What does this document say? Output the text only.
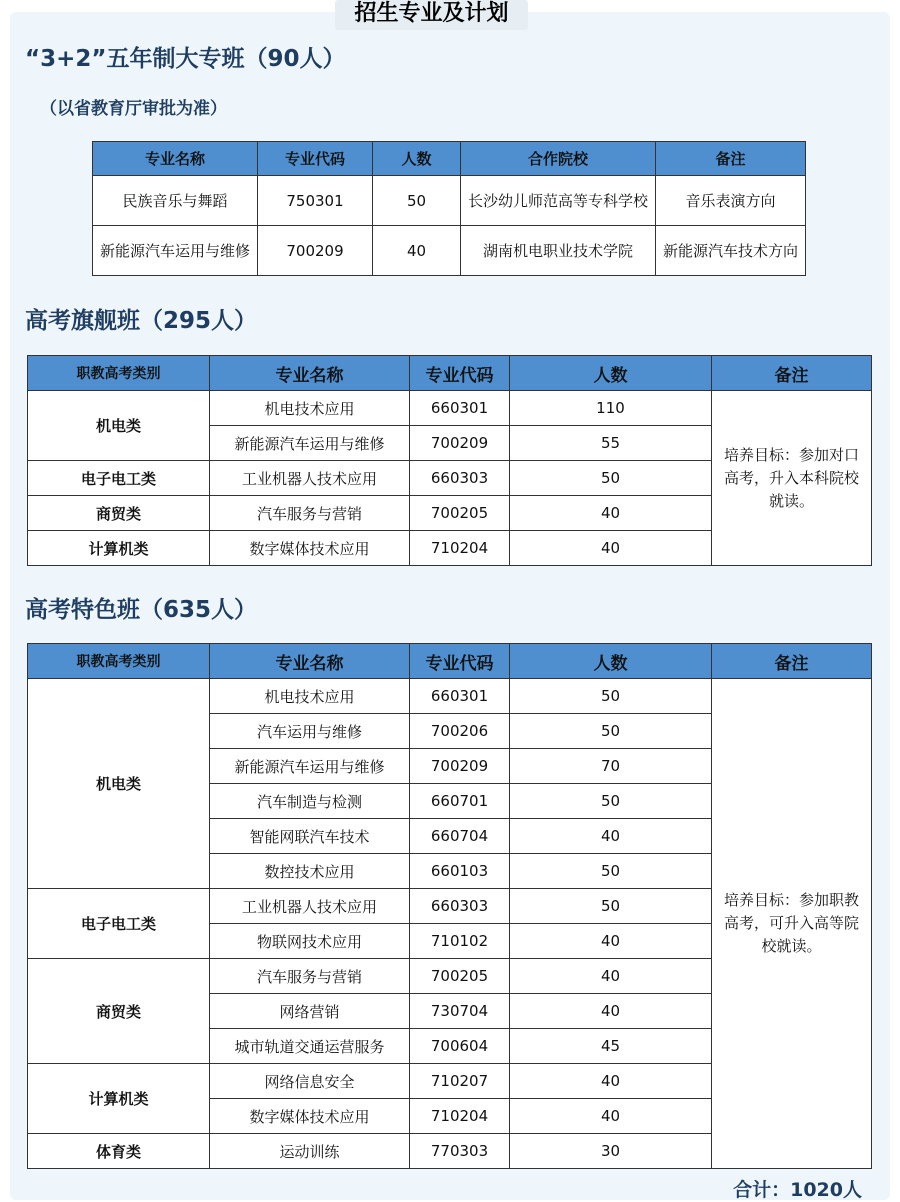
招生专业及计划
“3+2”五年制大专班（90人）
（以省教育厅审批为准）
专业名称	专业代码	人数	合作院校	备注
民族音乐与舞蹈	750301	50	长沙幼儿师范高等专科学校	音乐表演方向
新能源汽车运用与维修	700209	40	湖南机电职业技术学院	新能源汽车技术方向
高考旗舰班（295人）
职教高考类别	专业名称	专业代码	人数	备注
机电类	机电技术应用	660301	110	培养目标：参加对口高考，升入本科院校就读。
	新能源汽车运用与维修	700209	55	
电子电工类	工业机器人技术应用	660303	50	
商贸类	汽车服务与营销	700205	40	
计算机类	数字媒体技术应用	710204	40	
高考特色班（635人）
职教高考类别	专业名称	专业代码	人数	备注
机电类	机电技术应用	660301	50	培养目标：参加职教高考，可升入高等院校就读。
	汽车运用与维修	700206	50	
	新能源汽车运用与维修	700209	70	
	汽车制造与检测	660701	50	
	智能网联汽车技术	660704	40	
	数控技术应用	660103	50	
电子电工类	工业机器人技术应用	660303	50	
	物联网技术应用	710102	40	
商贸类	汽车服务与营销	700205	40	
	网络营销	730704	40	
	城市轨道交通运营服务	700604	45	
计算机类	网络信息安全	710207	40	
	数字媒体技术应用	710204	40	
体育类	运动训练	770303	30	
合计：1020人
